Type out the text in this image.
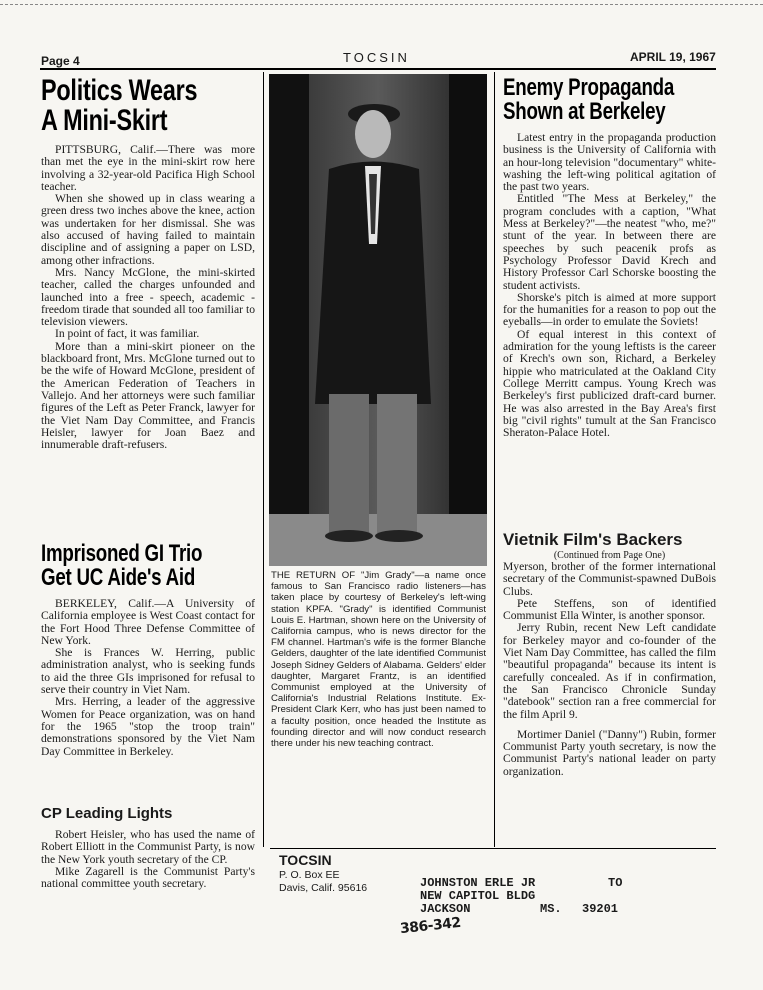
Page 4	TOCSIN	APRIL 19, 1967
Politics Wears
A Mini-Skirt

PITTSBURG, Calif.—There was more than met the eye in the mini-skirt row here involving a 32-year-old Pacifica High School teacher.

When she showed up in class wearing a green dress two inches above the knee, action was undertaken for her dismissal. She was also accused of having failed to maintain discipline and of assigning a paper on LSD, among other infractions.

Mrs. Nancy McGlone, the mini-skirted teacher, called the charges unfounded and launched into a free - speech, academic - freedom tirade that sounded all too familiar to television viewers.

In point of fact, it was familiar.

More than a mini-skirt pioneer on the blackboard front, Mrs. McGlone turned out to be the wife of Howard McGlone, president of the American Federation of Teachers in Vallejo. And her attorneys were such familiar figures of the Left as Peter Franck, lawyer for the Viet Nam Day Committee, and Francis Heisler, lawyer for Joan Baez and innumerable draft-refusers.

Imprisoned GI Trio
Get UC Aide's Aid

BERKELEY, Calif.—A University of California employee is West Coast contact for the Fort Hood Three Defense Committee of New York.

She is Frances W. Herring, public administration analyst, who is seeking funds to aid the three GIs imprisoned for refusal to serve their country in Viet Nam.

Mrs. Herring, a leader of the aggressive Women for Peace organization, was on hand for the 1965 "stop the troop train" demonstrations sponsored by the Viet Nam Day Committee in Berkeley.

CP Leading Lights

Robert Heisler, who has used the name of Robert Elliott in the Communist Party, is now the New York youth secretary of the CP.

Mike Zagarell is the Communist Party's national committee youth secretary.

THE RETURN OF "Jim Grady"—a name once famous to San Francisco radio listeners—has taken place by courtesy of Berkeley's left-wing station KPFA. "Grady" is identified Communist Louis E. Hartman, shown here on the University of California campus, who is news director for the FM channel. Hartman's wife is the former Blanche Gelders, daughter of the late identified Communist Joseph Sidney Gelders of Alabama. Gelders' elder daughter, Margaret Frantz, is an identified Communist employed at the University of California's Industrial Relations Institute. Ex-President Clark Kerr, who has just been named to a faculty position, once headed the Institute as founding director and will now conduct research there under his new teaching contract.
Enemy Propaganda
Shown at Berkeley

Latest entry in the propaganda production business is the University of California with an hour-long television "documentary" white-washing the left-wing political agitation of the past two years.

Entitled "The Mess at Berkeley," the program concludes with a caption, "What Mess at Berkeley?"—the neatest "who, me?" stunt of the year. In between there are speeches by such peacenik profs as Psychology Professor David Krech and History Professor Carl Schorske boosting the student activists.

Shorske's pitch is aimed at more support for the humanities for a reason to pop out the eyeballs—in order to emulate the Soviets!

Of equal interest in this context of admiration for the young leftists is the career of Krech's own son, Richard, a Berkeley hippie who matriculated at the Oakland City College Merritt campus. Young Krech was Berkeley's first publicized draft-card burner. He was also arrested in the Bay Area's first big "civil rights" tumult at the San Francisco Sheraton-Palace Hotel.

Vietnik Film's Backers
(Continued from Page One)

Myerson, brother of the former international secretary of the Communist-spawned DuBois Clubs.

Pete Steffens, son of identified Communist Ella Winter, is another sponsor.

Jerry Rubin, recent New Left candidate for Berkeley mayor and co-founder of the Viet Nam Day Committee, has called the film "beautiful propaganda" because its intent is carefully concealed. As if in confirmation, the San Francisco Chronicle Sunday "datebook" section ran a free commercial for the film April 9.

Mortimer Daniel ("Danny") Rubin, former Communist Party youth secretary, is now the Communist Party's national leader on party organization.

TOCSIN
P. O. Box EE
Davis, Calif. 95616	JOHNSTON ERLE JR
NEW CAPITOL BLDG
JACKSON
TO
MS. 39201
386-342
